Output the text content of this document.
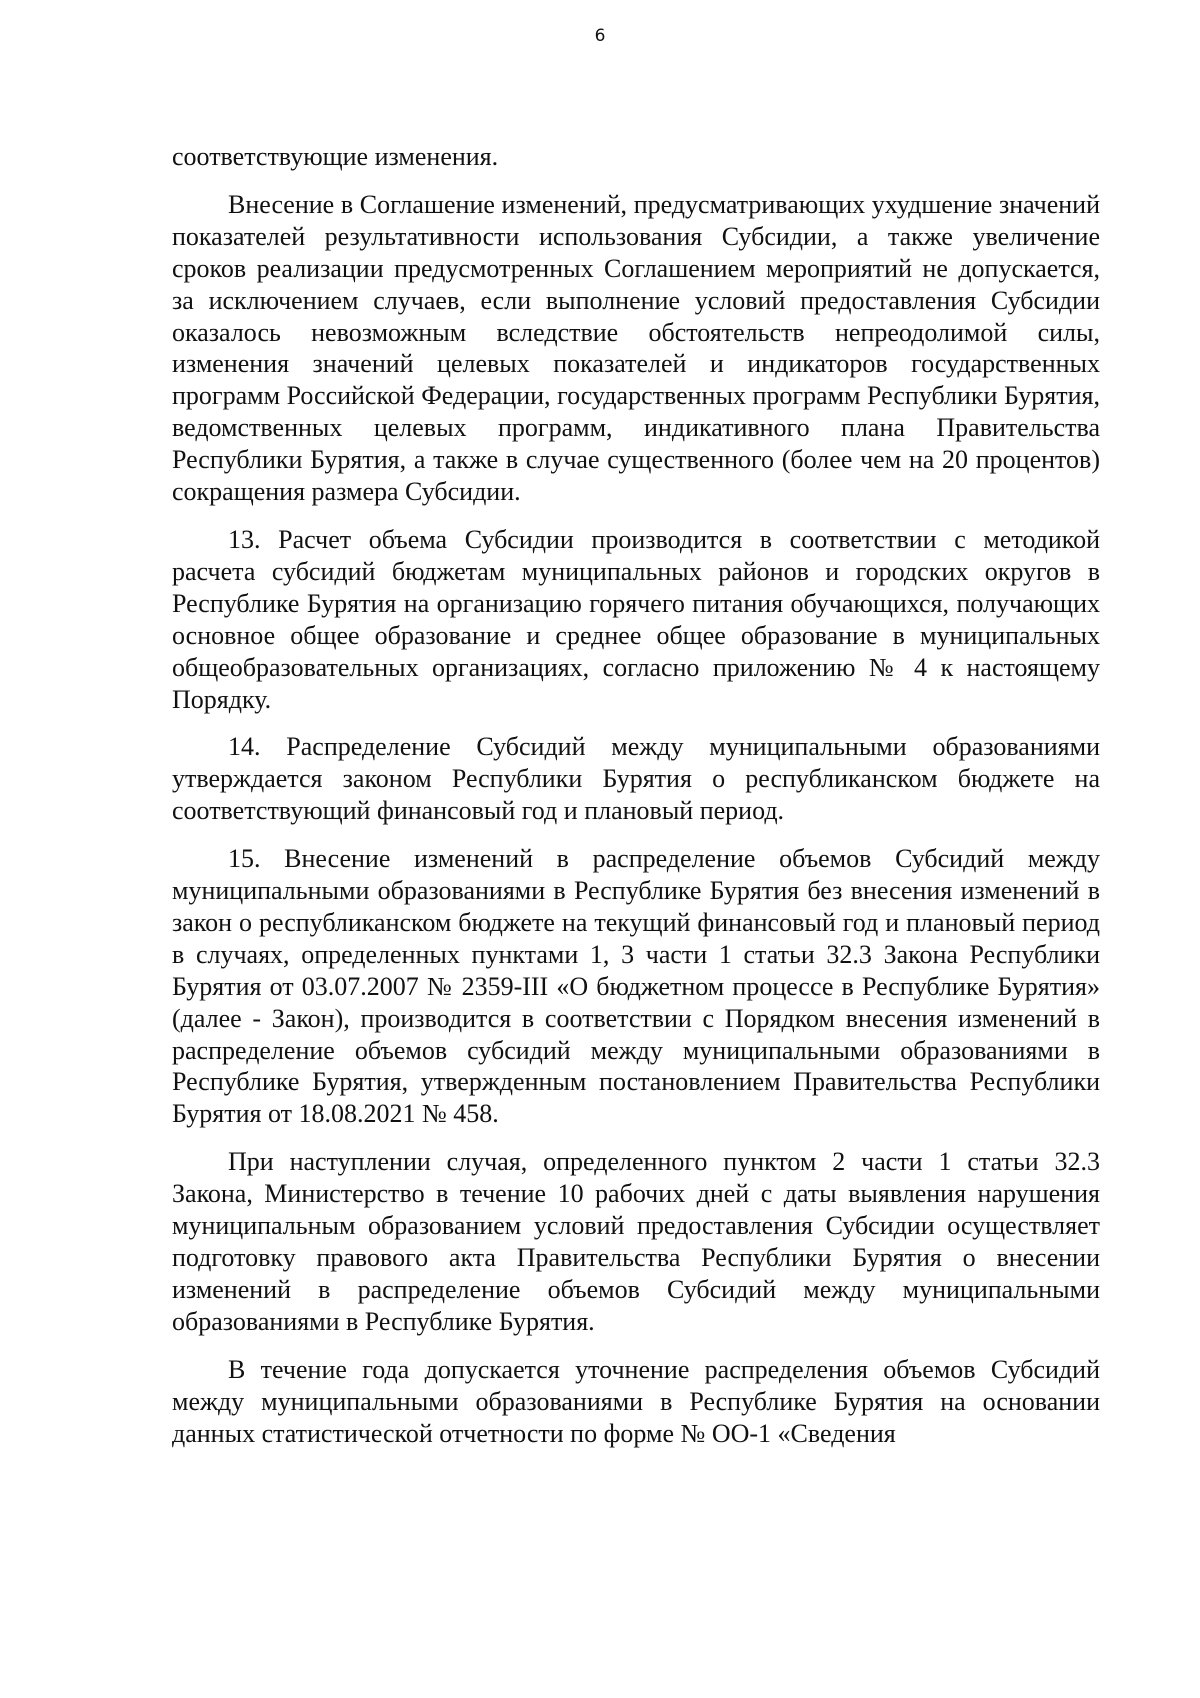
6

соответствующие изменения.

Внесение в Соглашение изменений, предусматривающих ухудшение значений показателей результативности использования Субсидии, а также увеличение сроков реализации предусмотренных Соглашением мероприятий не допускается, за исключением случаев, если выполнение условий предоставления Субсидии оказалось невозможным вследствие обстоятельств непреодолимой силы, изменения значений целевых показателей и индикаторов государственных программ Российской Федерации, государственных программ Республики Бурятия, ведомственных целевых программ, индикативного плана Правительства Республики Бурятия, а также в случае существенного (более чем на 20 процентов) сокращения размера Субсидии.

13. Расчет объема Субсидии производится в соответствии с методикой расчета субсидий бюджетам муниципальных районов и городских округов в Республике Бурятия на организацию горячего питания обучающихся, получающих основное общее образование и среднее общее образование в муниципальных общеобразовательных организациях, согласно приложению № 4 к настоящему Порядку.

14. Распределение Субсидий между муниципальными образованиями утверждается законом Республики Бурятия о республиканском бюджете на соответствующий финансовый год и плановый период.

15. Внесение изменений в распределение объемов Субсидий между муниципальными образованиями в Республике Бурятия без внесения изменений в закон о республиканском бюджете на текущий финансовый год и плановый период в случаях, определенных пунктами 1, 3 части 1 статьи 32.3 Закона Республики Бурятия от 03.07.2007 № 2359-III «О бюджетном процессе в Республике Бурятия» (далее - Закон), производится в соответствии с Порядком внесения изменений в распределение объемов субсидий между муниципальными образованиями в Республике Бурятия, утвержденным постановлением Правительства Республики Бурятия от 18.08.2021 № 458.

При наступлении случая, определенного пунктом 2 части 1 статьи 32.3 Закона, Министерство в течение 10 рабочих дней с даты выявления нарушения муниципальным образованием условий предоставления Субсидии осуществляет подготовку правового акта Правительства Республики Бурятия о внесении изменений в распределение объемов Субсидий между муниципальными образованиями в Республике Бурятия.

В течение года допускается уточнение распределения объемов Субсидий между муниципальными образованиями в Республике Бурятия на основании данных статистической отчетности по форме № ОО-1 «Сведения
